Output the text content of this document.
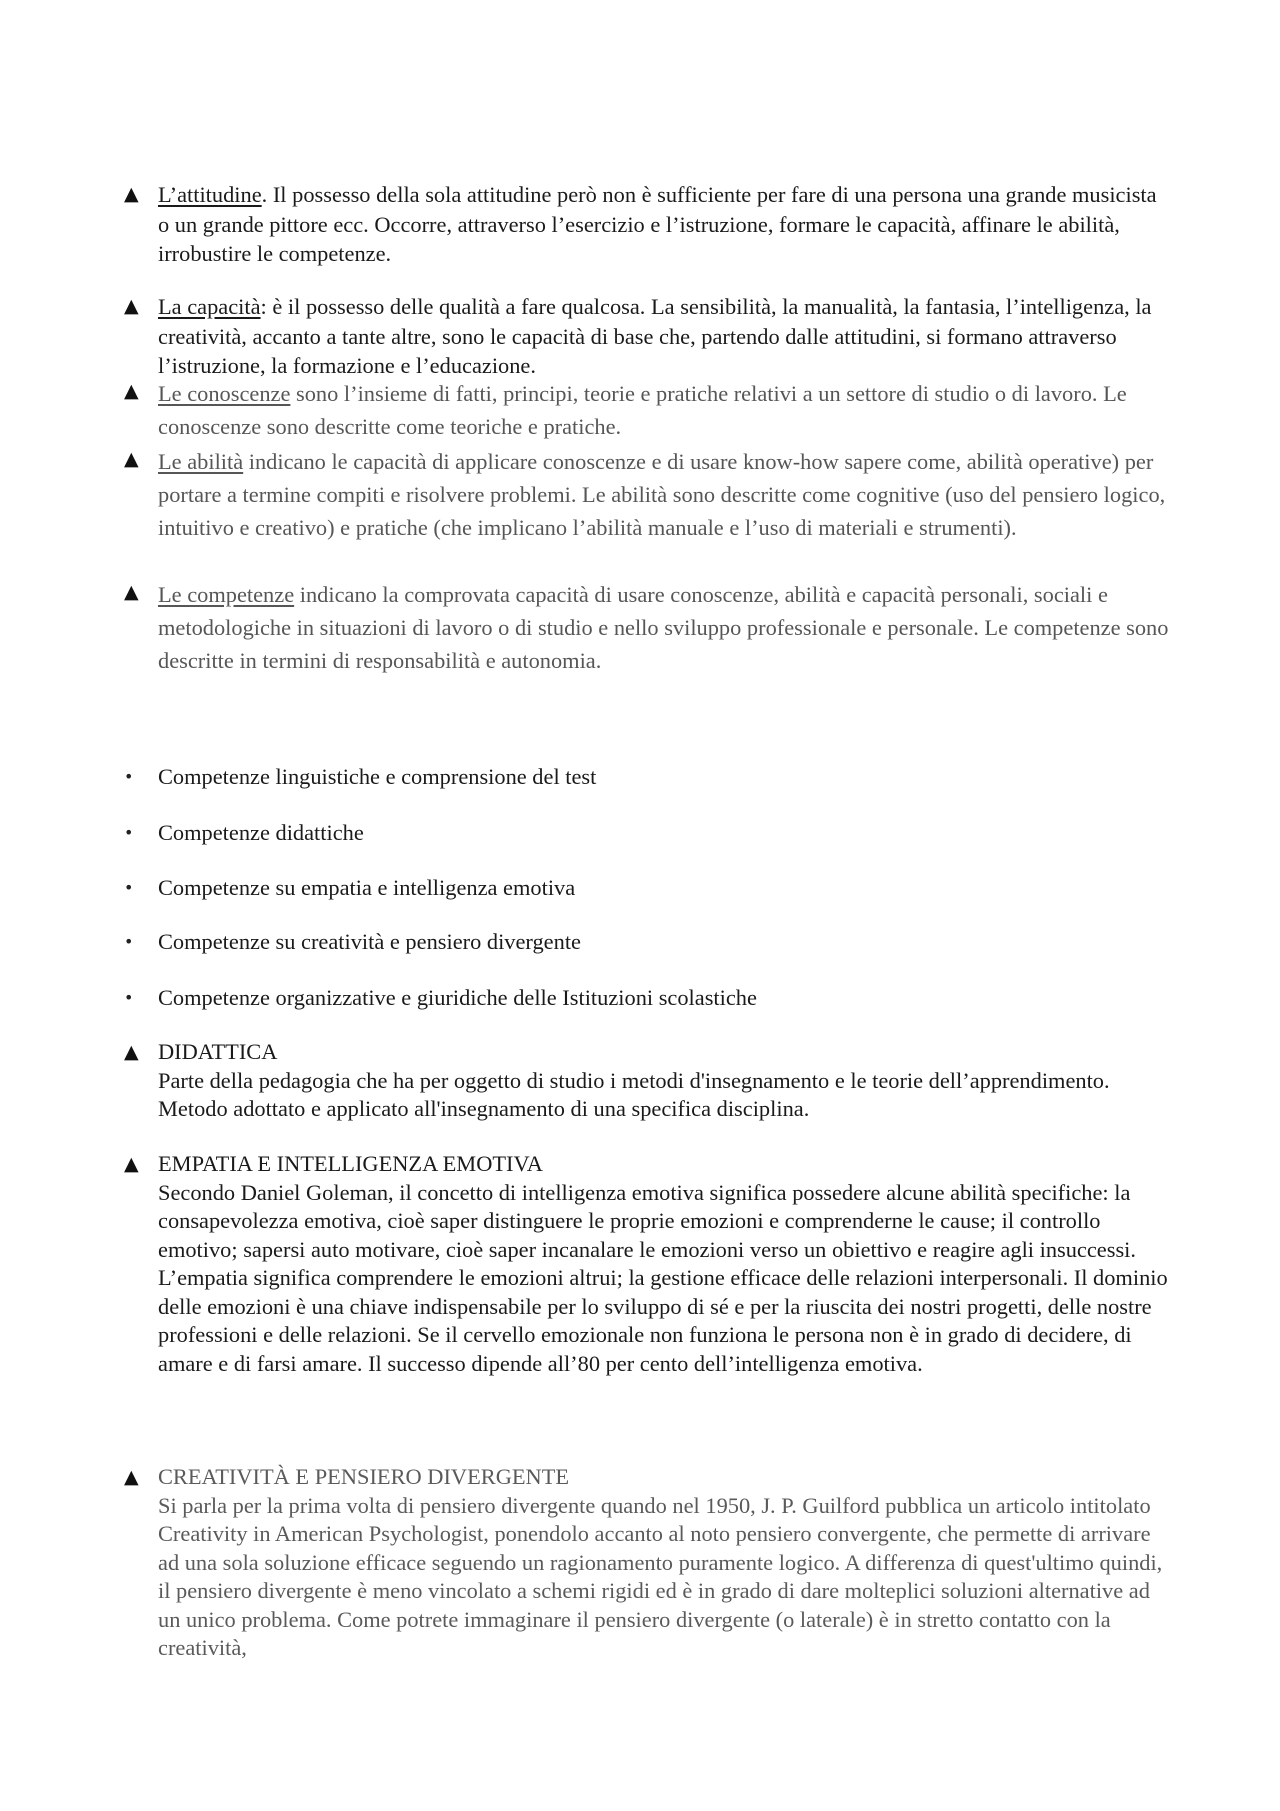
▲ L’attitudine. Il possesso della sola attitudine però non è sufficiente per fare di una persona una grande musicista o un grande pittore ecc. Occorre, attraverso l’esercizio e l’istruzione, formare le capacità, affinare le abilità, irrobustire le competenze.
▲ La capacità: è il possesso delle qualità a fare qualcosa. La sensibilità, la manualità, la fantasia, l’intelligenza, la creatività, accanto a tante altre, sono le capacità di base che, partendo dalle attitudini, si formano attraverso l’istruzione, la formazione e l’educazione.
▲ Le conoscenze sono l’insieme di fatti, principi, teorie e pratiche relativi a un settore di studio o di lavoro. Le conoscenze sono descritte come teoriche e pratiche.
▲ Le abilità indicano le capacità di applicare conoscenze e di usare know-how sapere come, abilità operative) per portare a termine compiti e risolvere problemi. Le abilità sono descritte come cognitive (uso del pensiero logico, intuitivo e creativo) e pratiche (che implicano l’abilità manuale e l’uso di materiali e strumenti).
▲ Le competenze indicano la comprovata capacità di usare conoscenze, abilità e capacità personali, sociali e metodologiche in situazioni di lavoro o di studio e nello sviluppo professionale e personale. Le competenze sono descritte in termini di responsabilità e autonomia.
•	Competenze linguistiche e comprensione del test
•	Competenze didattiche
•	Competenze su empatia e intelligenza emotiva
•	Competenze su creatività e pensiero divergente
•	Competenze organizzative e giuridiche delle Istituzioni scolastiche
▲ DIDATTICA
Parte della pedagogia che ha per oggetto di studio i metodi d'insegnamento e le teorie dell’apprendimento. Metodo adottato e applicato all'insegnamento di una specifica disciplina.
▲ EMPATIA E INTELLIGENZA EMOTIVA
Secondo Daniel Goleman, il concetto di intelligenza emotiva significa possedere alcune abilità specifiche: la consapevolezza emotiva, cioè saper distinguere le proprie emozioni e comprenderne le cause; il controllo emotivo; sapersi auto motivare, cioè saper incanalare le emozioni verso un obiettivo e reagire agli insuccessi. L’empatia significa comprendere le emozioni altrui; la gestione efficace delle relazioni interpersonali. Il dominio delle emozioni è una chiave indispensabile per lo sviluppo di sé e per la riuscita dei nostri progetti, delle nostre professioni e delle relazioni. Se il cervello emozionale non funziona le persona non è in grado di decidere, di amare e di farsi amare. Il successo dipende all’80 per cento dell’intelligenza emotiva.
▲ CREATIVITÀ E PENSIERO DIVERGENTE
Si parla per la prima volta di pensiero divergente quando nel 1950, J. P. Guilford pubblica un articolo intitolato Creativity in American Psychologist, ponendolo accanto al noto pensiero convergente, che permette di arrivare ad una sola soluzione efficace seguendo un ragionamento puramente logico. A differenza di quest'ultimo quindi, il pensiero divergente è meno vincolato a schemi rigidi ed è in grado di dare molteplici soluzioni alternative ad un unico problema. Come potrete immaginare il pensiero divergente (o laterale) è in stretto contatto con la creatività,
